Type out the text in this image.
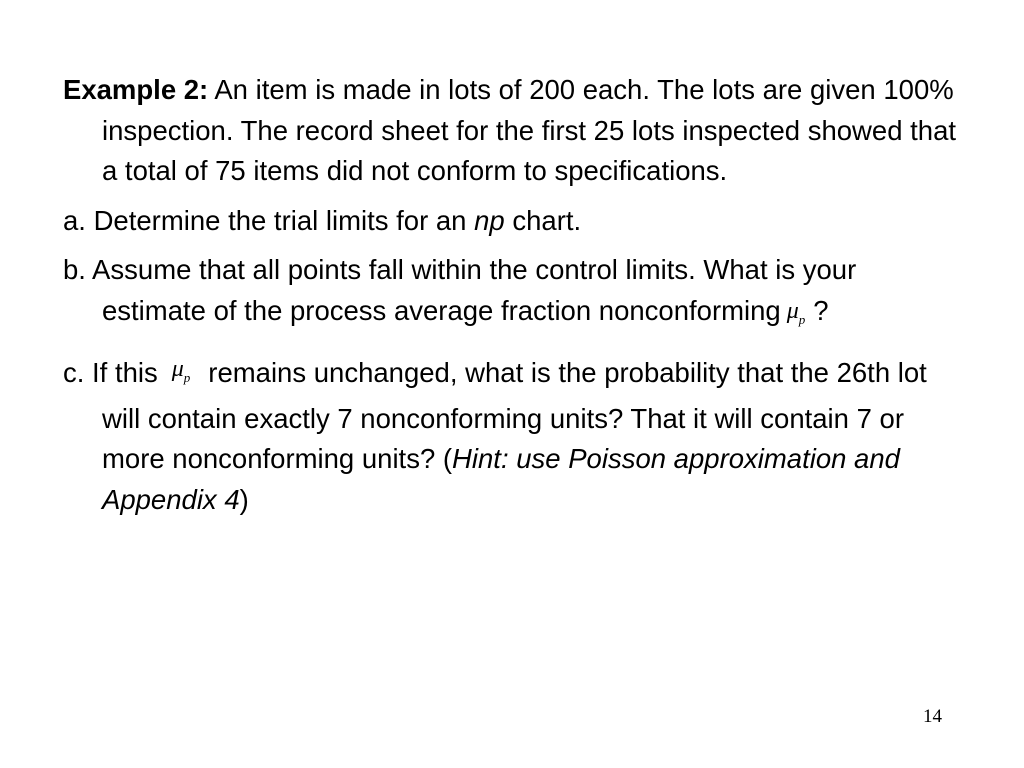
Example 2: An item is made in lots of 200 each. The lots are given 100% inspection. The record sheet for the first 25 lots inspected showed that a total of 75 items did not conform to specifications.

a. Determine the trial limits for an np chart.

b. Assume that all points fall within the control limits. What is your estimate of the process average fraction nonconforming $\mu_p$ ?

c. If this $\mu_p$ remains unchanged, what is the probability that the 26th lot will contain exactly 7 nonconforming units? That it will contain 7 or more nonconforming units? (Hint: use Poisson approximation and Appendix 4)

14
